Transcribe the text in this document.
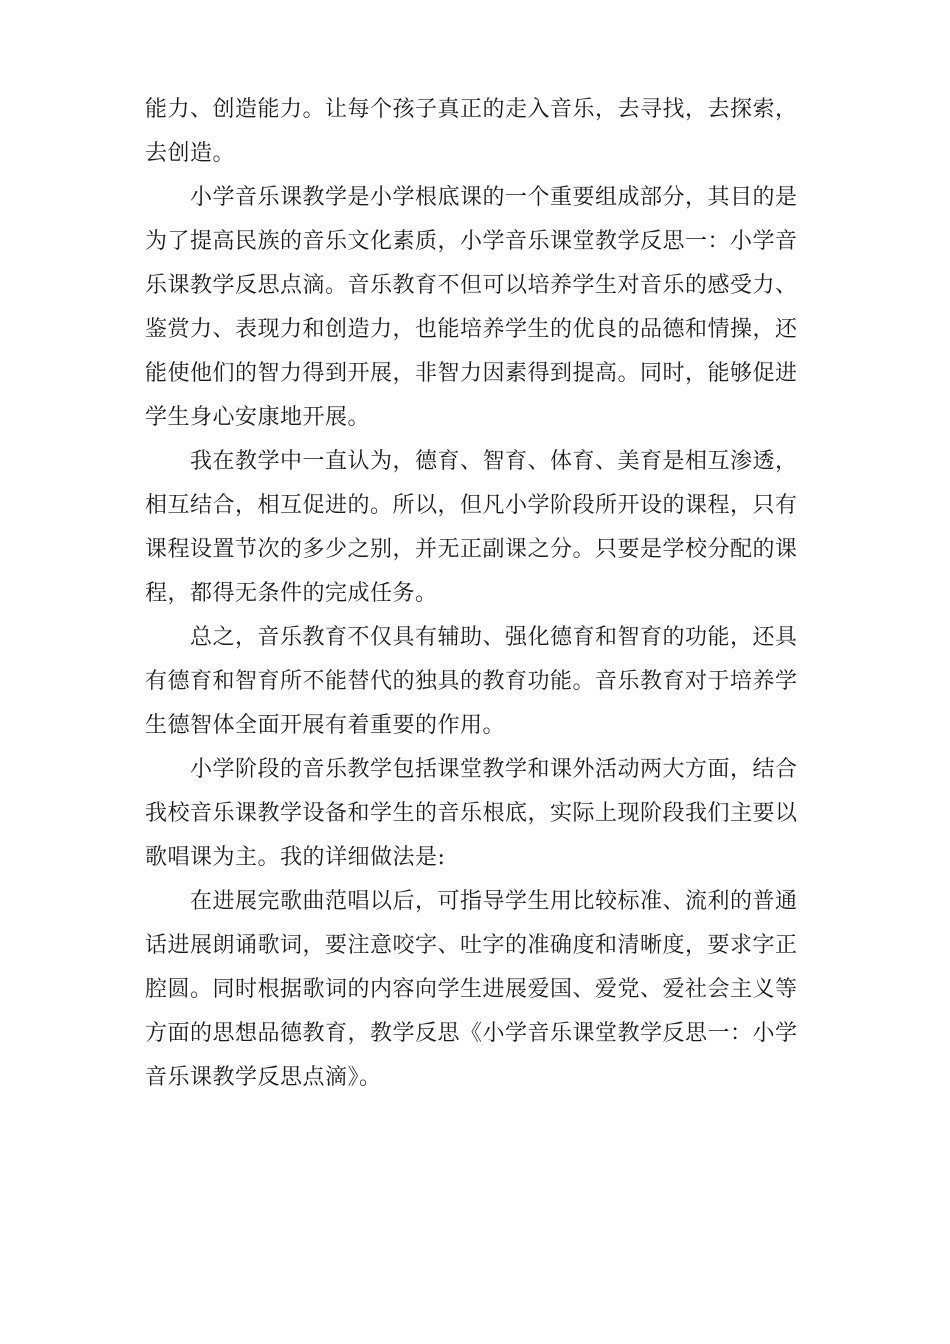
能力、创造能力。让每个孩子真正的走入音乐，去寻找，去探索，
去创造。
小学音乐课教学是小学根底课的一个重要组成部分，其目的是
为了提高民族的音乐文化素质，小学音乐课堂教学反思一：小学音
乐课教学反思点滴。音乐教育不但可以培养学生对音乐的感受力、
鉴赏力、表现力和创造力，也能培养学生的优良的品德和情操，还
能使他们的智力得到开展，非智力因素得到提高。同时，能够促进
学生身心安康地开展。
我在教学中一直认为，德育、智育、体育、美育是相互渗透，
相互结合，相互促进的。所以，但凡小学阶段所开设的课程，只有
课程设置节次的多少之别，并无正副课之分。只要是学校分配的课
程，都得无条件的完成任务。
总之，音乐教育不仅具有辅助、强化德育和智育的功能，还具
有德育和智育所不能替代的独具的教育功能。音乐教育对于培养学
生德智体全面开展有着重要的作用。
小学阶段的音乐教学包括课堂教学和课外活动两大方面，结合
我校音乐课教学设备和学生的音乐根底，实际上现阶段我们主要以
歌唱课为主。我的详细做法是:
在进展完歌曲范唱以后，可指导学生用比较标准、流利的普通
话进展朗诵歌词，要注意咬字、吐字的准确度和清晰度，要求字正
腔圆。同时根据歌词的内容向学生进展爱国、爱党、爱社会主义等
方面的思想品德教育，教学反思《小学音乐课堂教学反思一：小学
音乐课教学反思点滴》。
